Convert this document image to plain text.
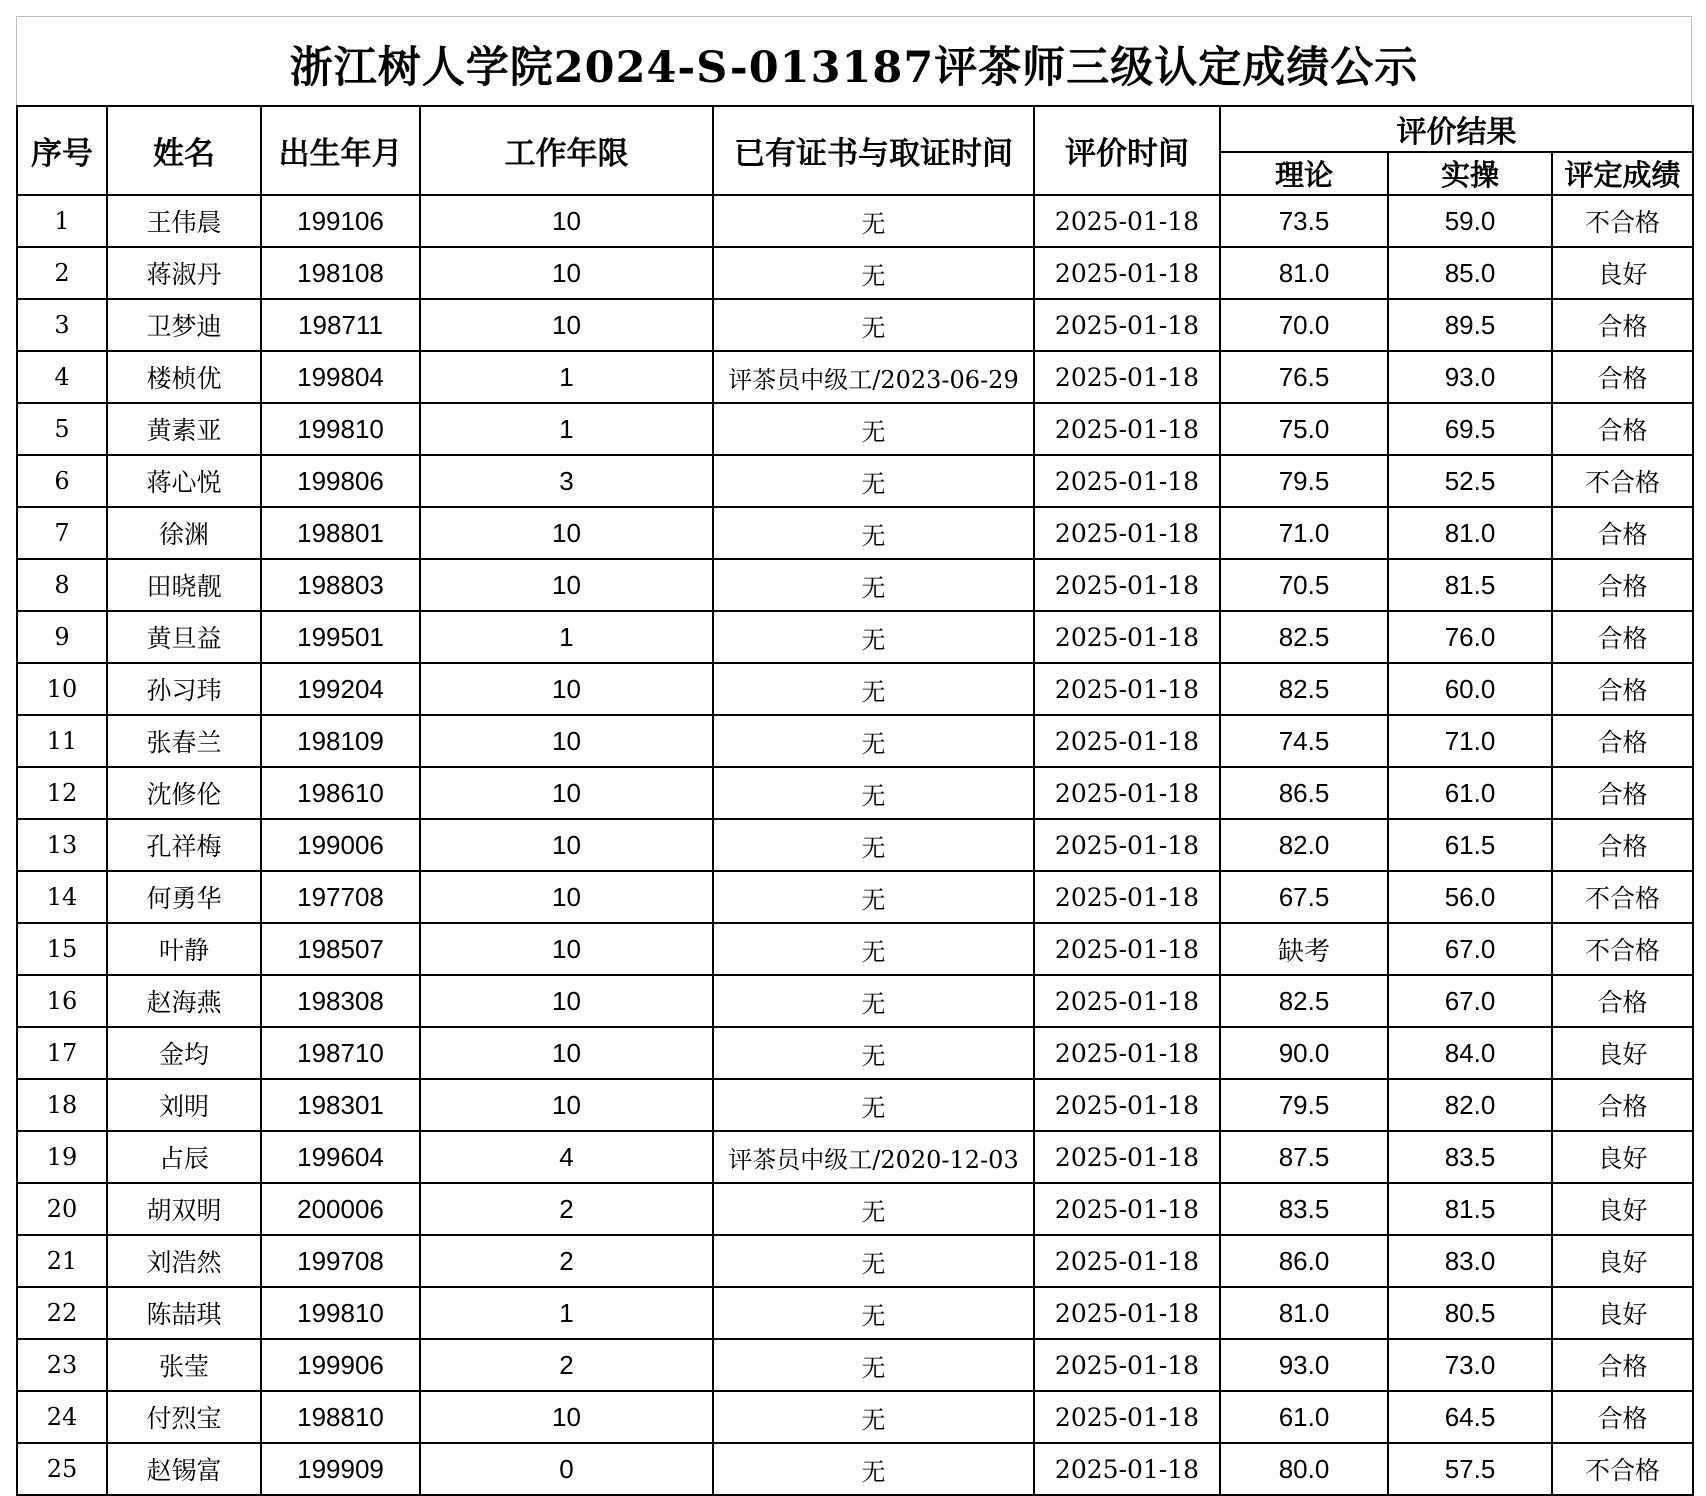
浙江树人学院2024-S-013187评茶师三级认定成绩公示
序号	姓名	出生年月	工作年限	已有证书与取证时间	评价时间	评价结果		
						理论	实操	评定成绩
1	王伟晨	199106	10	无	2025-01-18	73.5	59.0	不合格
2	蒋淑丹	198108	10	无	2025-01-18	81.0	85.0	良好
3	卫梦迪	198711	10	无	2025-01-18	70.0	89.5	合格
4	楼桢优	199804	1	评茶员中级工/2023-06-29	2025-01-18	76.5	93.0	合格
5	黄素亚	199810	1	无	2025-01-18	75.0	69.5	合格
6	蒋心悦	199806	3	无	2025-01-18	79.5	52.5	不合格
7	徐渊	198801	10	无	2025-01-18	71.0	81.0	合格
8	田晓靓	198803	10	无	2025-01-18	70.5	81.5	合格
9	黄旦益	199501	1	无	2025-01-18	82.5	76.0	合格
10	孙习玮	199204	10	无	2025-01-18	82.5	60.0	合格
11	张春兰	198109	10	无	2025-01-18	74.5	71.0	合格
12	沈修伦	198610	10	无	2025-01-18	86.5	61.0	合格
13	孔祥梅	199006	10	无	2025-01-18	82.0	61.5	合格
14	何勇华	197708	10	无	2025-01-18	67.5	56.0	不合格
15	叶静	198507	10	无	2025-01-18	缺考	67.0	不合格
16	赵海燕	198308	10	无	2025-01-18	82.5	67.0	合格
17	金均	198710	10	无	2025-01-18	90.0	84.0	良好
18	刘明	198301	10	无	2025-01-18	79.5	82.0	合格
19	占辰	199604	4	评茶员中级工/2020-12-03	2025-01-18	87.5	83.5	良好
20	胡双明	200006	2	无	2025-01-18	83.5	81.5	良好
21	刘浩然	199708	2	无	2025-01-18	86.0	83.0	良好
22	陈喆琪	199810	1	无	2025-01-18	81.0	80.5	良好
23	张莹	199906	2	无	2025-01-18	93.0	73.0	合格
24	付烈宝	198810	10	无	2025-01-18	61.0	64.5	合格
25	赵锡富	199909	0	无	2025-01-18	80.0	57.5	不合格
